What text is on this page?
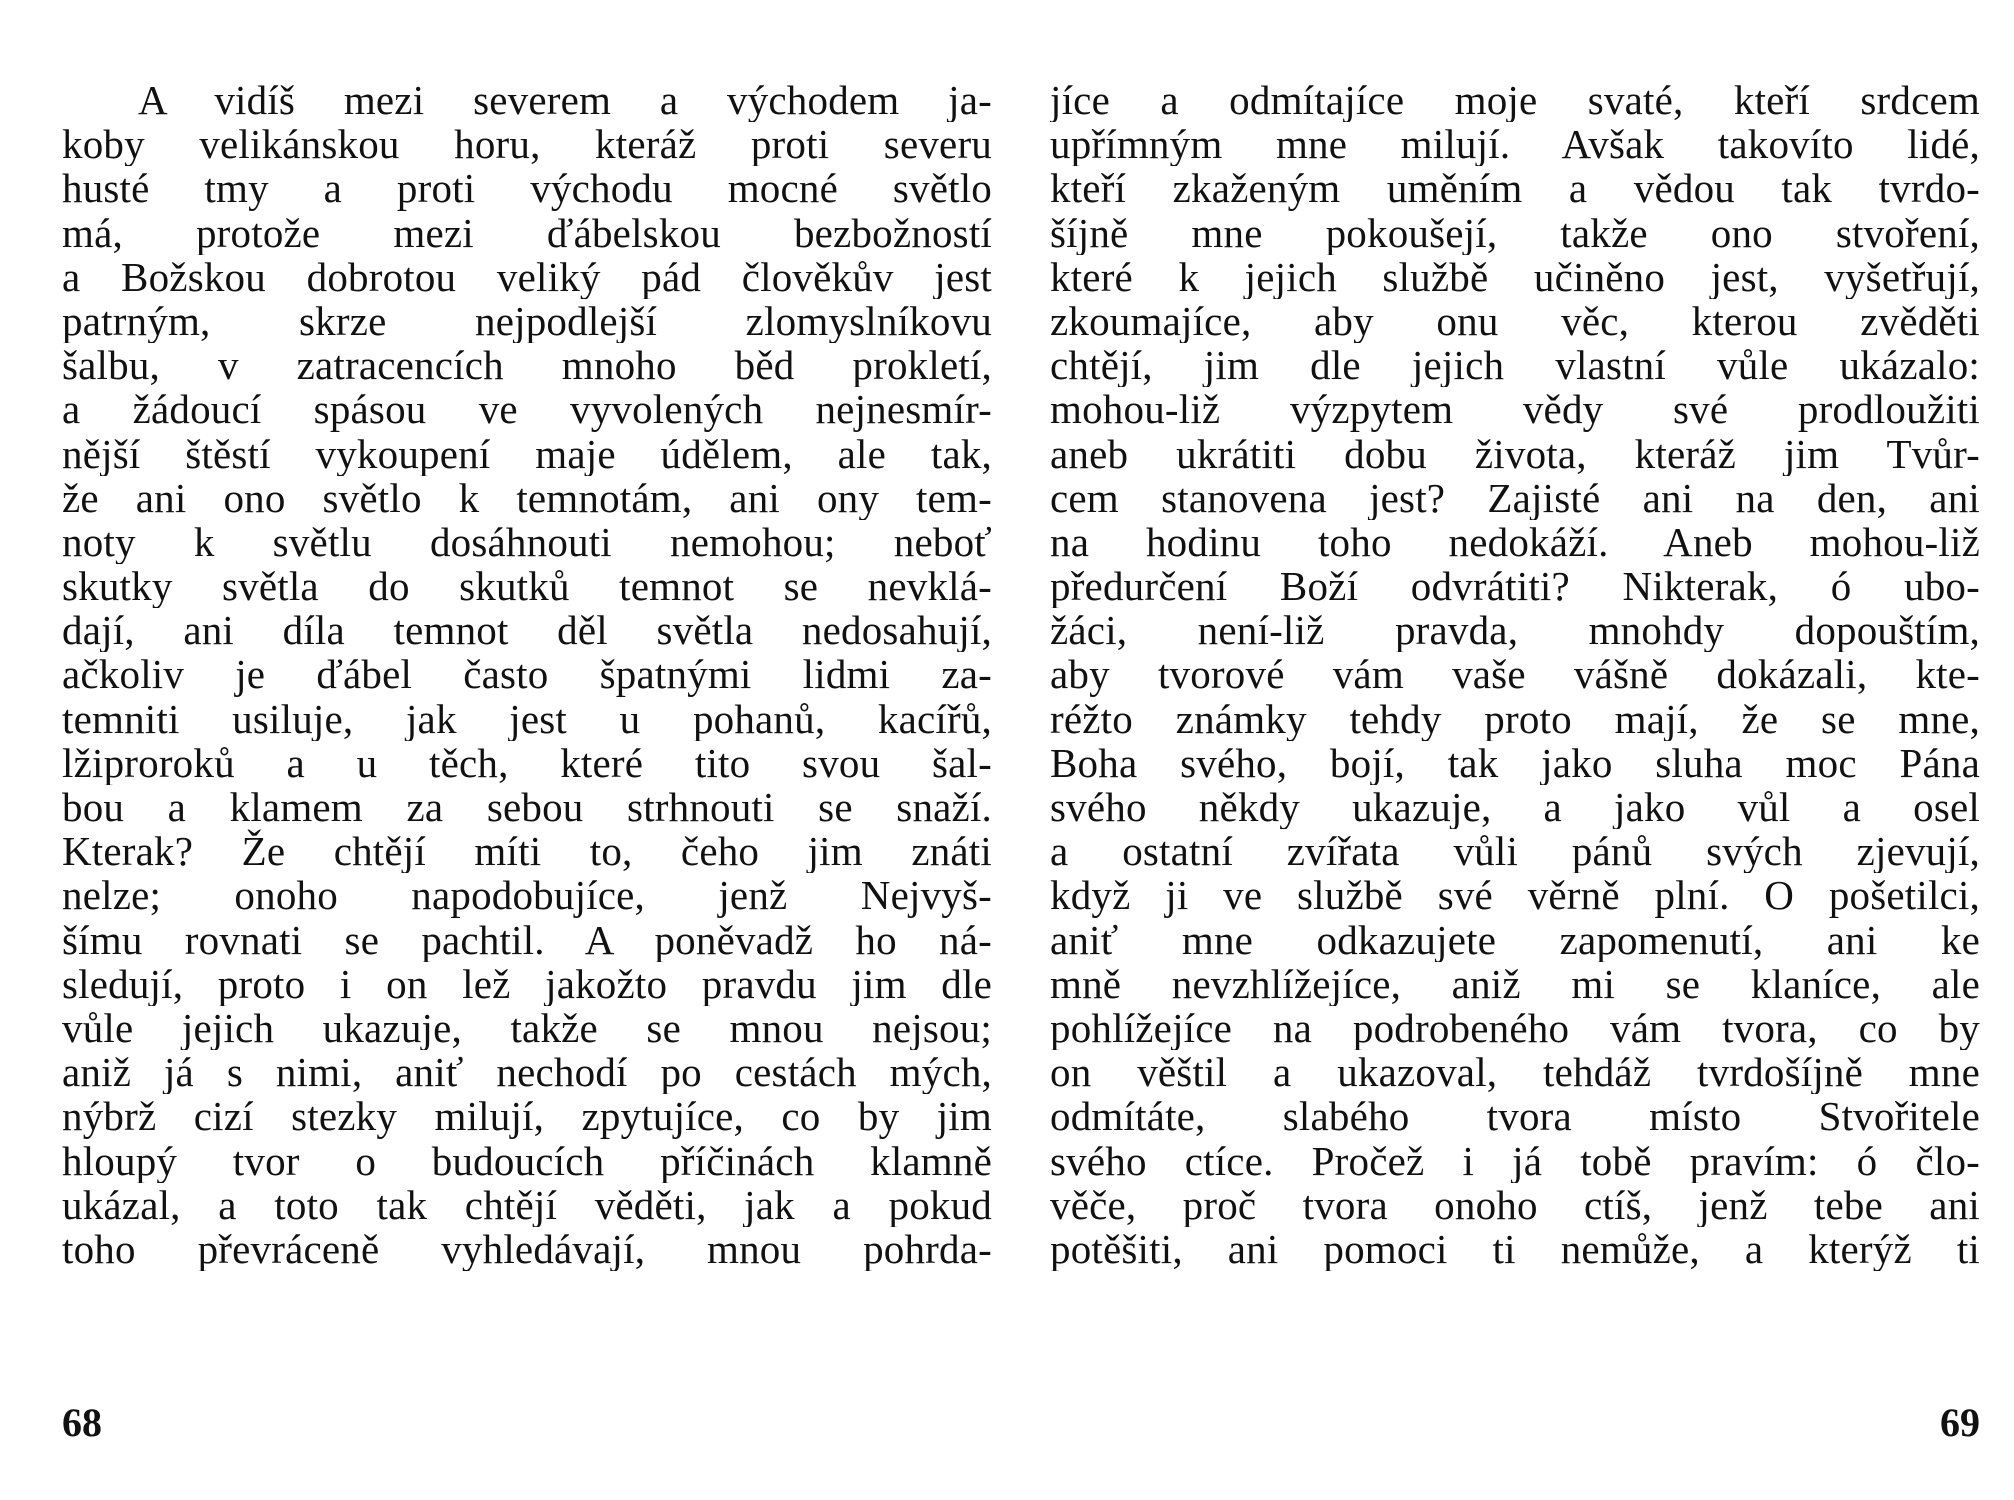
A vidíš mezi severem a východem ja-
koby velikánskou horu, kteráž proti severu
husté tmy a proti východu mocné světlo
má, protože mezi ďábelskou bezbožností
a Božskou dobrotou veliký pád člověkův jest
patrným, skrze nejpodlejší zlomyslníkovu
šalbu, v zatracencích mnoho běd prokletí,
a žádoucí spásou ve vyvolených nejnesmír-
nější štěstí vykoupení maje údělem, ale tak,
že ani ono světlo k temnotám, ani ony tem-
noty k světlu dosáhnouti nemohou; neboť
skutky světla do skutků temnot se nevklá-
dají, ani díla temnot děl světla nedosahují,
ačkoliv je ďábel často špatnými lidmi za-
temniti usiluje, jak jest u pohanů, kacířů,
lžiproroků a u těch, které tito svou šal-
bou a klamem za sebou strhnouti se snaží.
Kterak? Že chtějí míti to, čeho jim znáti
nelze; onoho napodobujíce, jenž Nejvyš-
šímu rovnati se pachtil. A poněvadž ho ná-
sledují, proto i on lež jakožto pravdu jim dle
vůle jejich ukazuje, takže se mnou nejsou;
aniž já s nimi, aniť nechodí po cestách mých,
nýbrž cizí stezky milují, zpytujíce, co by jim
hloupý tvor o budoucích příčinách klamně
ukázal, a toto tak chtějí věděti, jak a pokud
toho převráceně vyhledávají, mnou pohrda-
68
jíce a odmítajíce moje svaté, kteří srdcem
upřímným mne milují. Avšak takovíto lidé,
kteří zkaženým uměním a vědou tak tvrdo-
šíjně mne pokoušejí, takže ono stvoření,
které k jejich službě učiněno jest, vyšetřují,
zkoumajíce, aby onu věc, kterou zvěděti
chtějí, jim dle jejich vlastní vůle ukázalo:
mohou-liž výzpytem vědy své prodloužiti
aneb ukrátiti dobu života, kteráž jim Tvůr-
cem stanovena jest? Zajisté ani na den, ani
na hodinu toho nedokáží. Aneb mohou-liž
předurčení Boží odvrátiti? Nikterak, ó ubo-
žáci, není-liž pravda, mnohdy dopouštím,
aby tvorové vám vaše vášně dokázali, kte-
réžto známky tehdy proto mají, že se mne,
Boha svého, bojí, tak jako sluha moc Pána
svého někdy ukazuje, a jako vůl a osel
a ostatní zvířata vůli pánů svých zjevují,
když ji ve službě své věrně plní. O pošetilci,
aniť mne odkazujete zapomenutí, ani ke
mně nevzhlížejíce, aniž mi se klaníce, ale
pohlížejíce na podrobeného vám tvora, co by
on věštil a ukazoval, tehdáž tvrdošíjně mne
odmítáte, slabého tvora místo Stvořitele
svého ctíce. Pročež i já tobě pravím: ó člo-
věče, proč tvora onoho ctíš, jenž tebe ani
potěšiti, ani pomoci ti nemůže, a kterýž ti
69
